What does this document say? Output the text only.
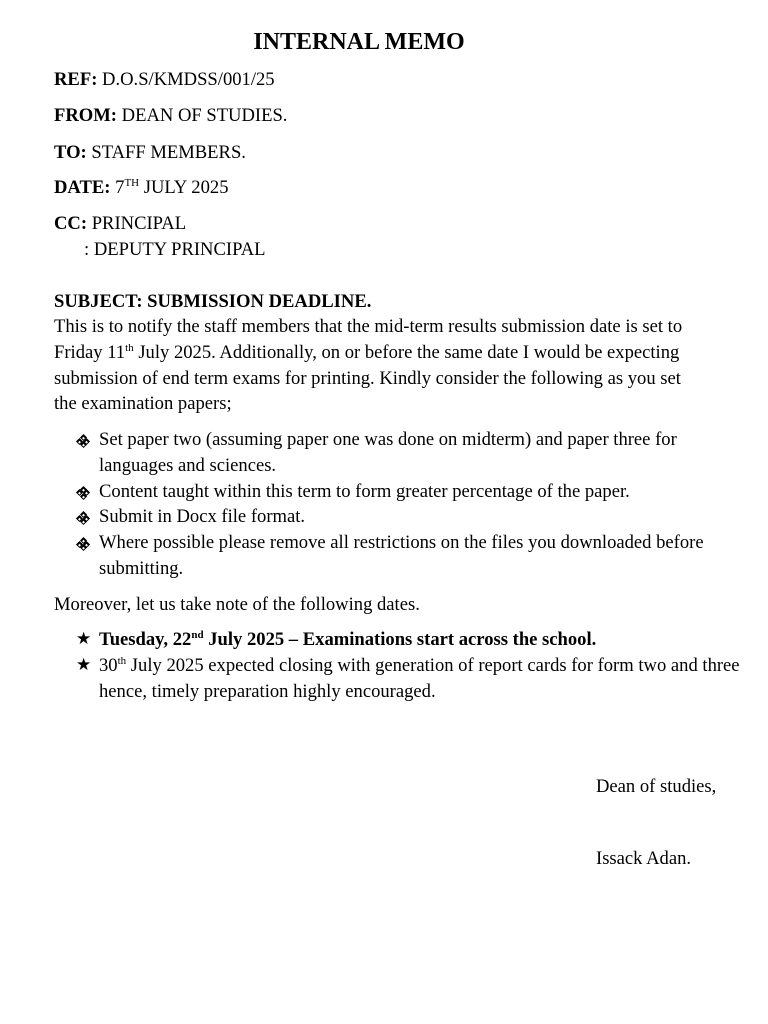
INTERNAL MEMO
REF: D.O.S/KMDSS/001/25
FROM: DEAN OF STUDIES.
TO: STAFF MEMBERS.
DATE: 7TH JULY 2025
CC: PRINCIPAL
: DEPUTY PRINCIPAL
SUBJECT: SUBMISSION DEADLINE.
This is to notify the staff members that the mid-term results submission date is set to
Friday 11th July 2025. Additionally, on or before the same date I would be expecting
submission of end term exams for printing. Kindly consider the following as you set
the examination papers;
Set paper two (assuming paper one was done on midterm) and paper three for languages and sciences.
Content taught within this term to form greater percentage of the paper.
Submit in Docx file format.
Where possible please remove all restrictions on the files you downloaded before submitting.
Moreover, let us take note of the following dates.
★ Tuesday, 22nd July 2025 – Examinations start across the school.
★ 30th July 2025 expected closing with generation of report cards for form two and three hence, timely preparation highly encouraged.
Dean of studies,
Issack Adan.
